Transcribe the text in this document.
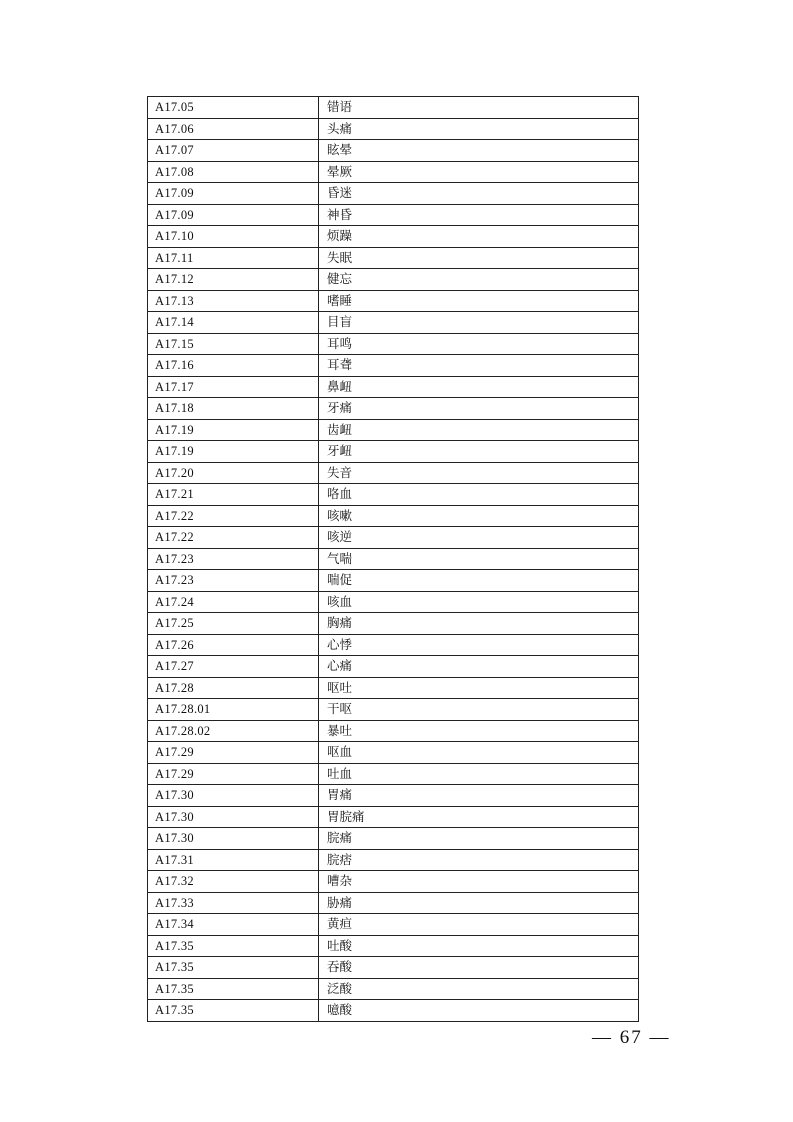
A17.05	错语
A17.06	头痛
A17.07	眩晕
A17.08	晕厥
A17.09	昏迷
A17.09	神昏
A17.10	烦躁
A17.11	失眠
A17.12	健忘
A17.13	嗜睡
A17.14	目盲
A17.15	耳鸣
A17.16	耳聋
A17.17	鼻衄
A17.18	牙痛
A17.19	齿衄
A17.19	牙衄
A17.20	失音
A17.21	咯血
A17.22	咳嗽
A17.22	咳逆
A17.23	气喘
A17.23	喘促
A17.24	咳血
A17.25	胸痛
A17.26	心悸
A17.27	心痛
A17.28	呕吐
A17.28.01	干呕
A17.28.02	暴吐
A17.29	呕血
A17.29	吐血
A17.30	胃痛
A17.30	胃脘痛
A17.30	脘痛
A17.31	脘痞
A17.32	嘈杂
A17.33	胁痛
A17.34	黄疸
A17.35	吐酸
A17.35	吞酸
A17.35	泛酸
A17.35	噫酸
— 67 —
